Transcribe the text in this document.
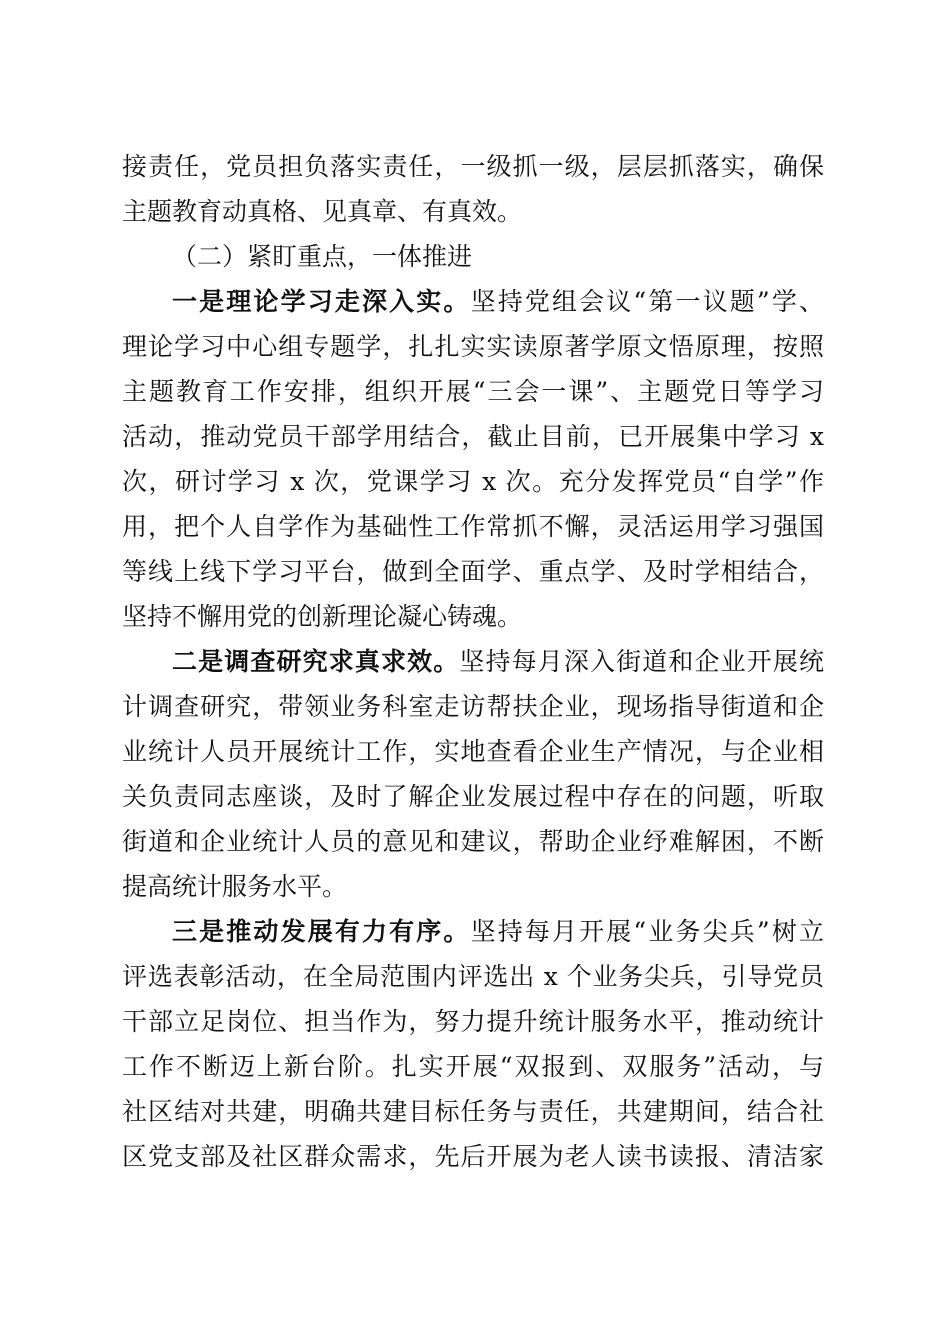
接责任，党员担负落实责任，一级抓一级，层层抓落实，确保
主题教育动真格、见真章、有真效。
（二）紧盯重点，一体推进
一是理论学习走深入实。坚持党组会议“第一议题”学、
理论学习中心组专题学，扎扎实实读原著学原文悟原理，按照
主题教育工作安排，组织开展“三会一课”、主题党日等学习
活动，推动党员干部学用结合，截止目前，已开展集中学习 x
次，研讨学习 x 次，党课学习 x 次。充分发挥党员“自学”作
用，把个人自学作为基础性工作常抓不懈，灵活运用学习强国
等线上线下学习平台，做到全面学、重点学、及时学相结合，
坚持不懈用党的创新理论凝心铸魂。
二是调查研究求真求效。坚持每月深入街道和企业开展统
计调查研究，带领业务科室走访帮扶企业，现场指导街道和企
业统计人员开展统计工作，实地查看企业生产情况，与企业相
关负责同志座谈，及时了解企业发展过程中存在的问题，听取
街道和企业统计人员的意见和建议，帮助企业纾难解困，不断
提高统计服务水平。
三是推动发展有力有序。坚持每月开展“业务尖兵”树立
评选表彰活动，在全局范围内评选出 x 个业务尖兵，引导党员
干部立足岗位、担当作为，努力提升统计服务水平，推动统计
工作不断迈上新台阶。扎实开展“双报到、双服务”活动，与
社区结对共建，明确共建目标任务与责任，共建期间，结合社
区党支部及社区群众需求，先后开展为老人读书读报、清洁家
